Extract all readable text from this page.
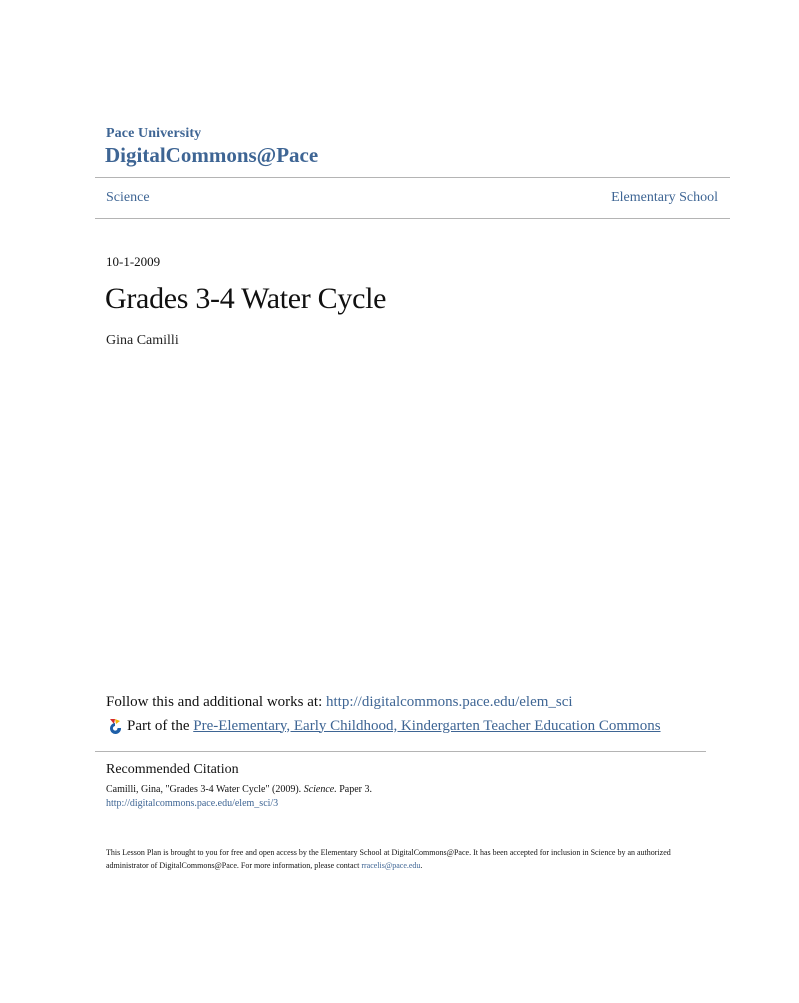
Pace University
DigitalCommons@Pace
Science	Elementary School
10-1-2009
Grades 3-4 Water Cycle
Gina Camilli
Follow this and additional works at: http://digitalcommons.pace.edu/elem_sci
Part of the
Pre-Elementary, Early Childhood, Kindergarten Teacher Education Commons
Recommended Citation
Camilli, Gina, "Grades 3-4 Water Cycle" (2009). Science. Paper 3.
http://digitalcommons.pace.edu/elem_sci/3
This Lesson Plan is brought to you for free and open access by the Elementary School at DigitalCommons@Pace. It has been accepted for inclusion in Science by an authorized administrator of DigitalCommons@Pace. For more information, please contact rracelis@pace.edu.
